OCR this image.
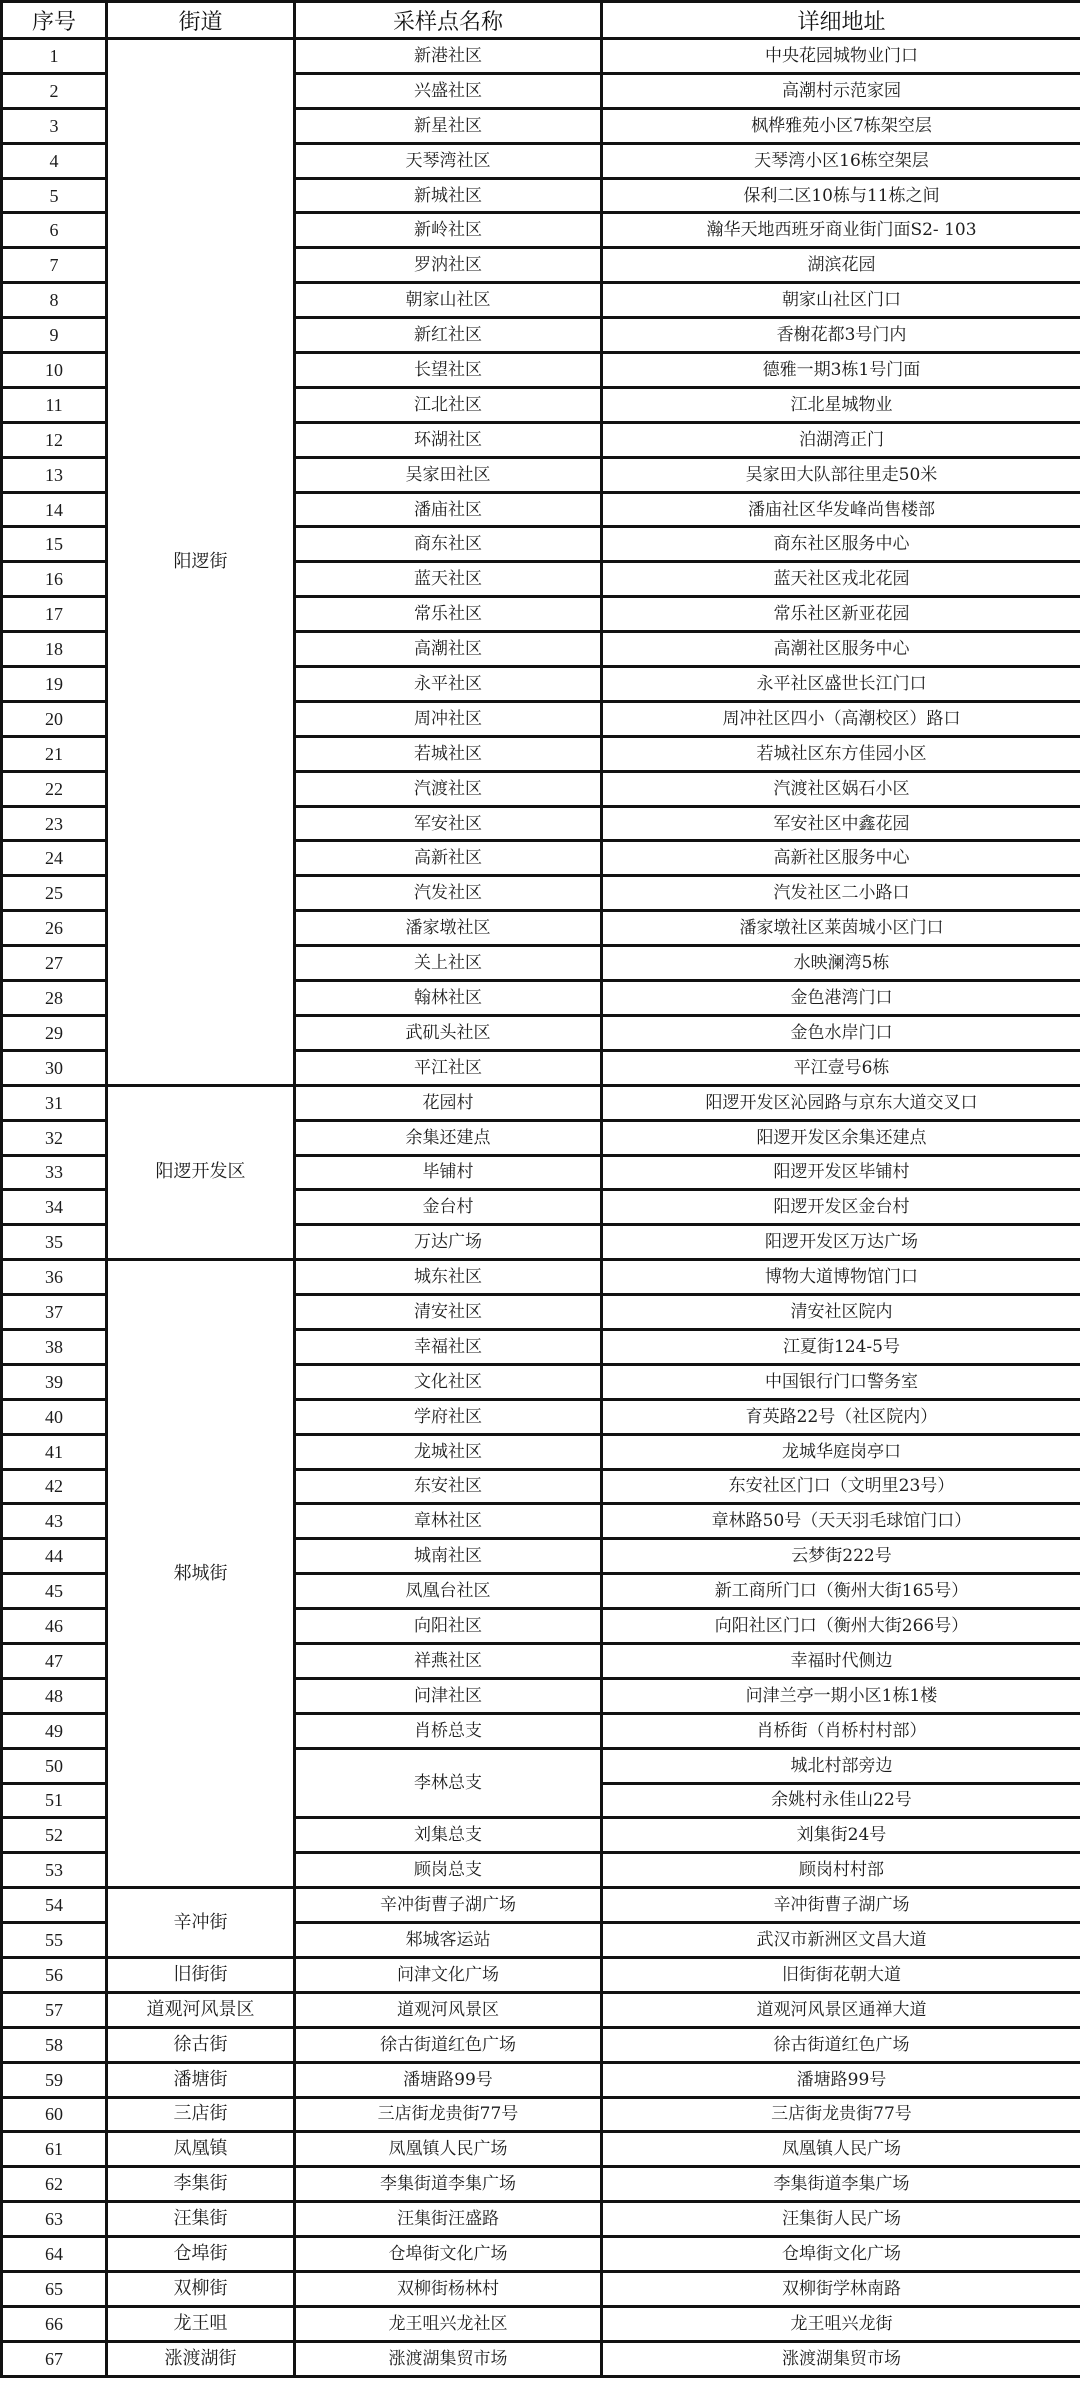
序号	街道	采样点名称	详细地址
1	阳逻街	新港社区	中央花园城物业门口
2		兴盛社区	高潮村示范家园
3		新星社区	枫桦雅苑小区7栋架空层
4		天琴湾社区	天琴湾小区16栋空架层
5		新城社区	保利二区10栋与11栋之间
6		新岭社区	瀚华天地西班牙商业街门面S2- 103
7		罗汭社区	湖滨花园
8		朝家山社区	朝家山社区门口
9		新红社区	香榭花都3号门内
10		长望社区	德雅一期3栋1号门面
11		江北社区	江北星城物业
12		环湖社区	泊湖湾正门
13		吴家田社区	吴家田大队部往里走50米
14		潘庙社区	潘庙社区华发峰尚售楼部
15		商东社区	商东社区服务中心
16		蓝天社区	蓝天社区戎北花园
17		常乐社区	常乐社区新亚花园
18		高潮社区	高潮社区服务中心
19		永平社区	永平社区盛世长江门口
20		周冲社区	周冲社区四小（高潮校区）路口
21		若城社区	若城社区东方佳园小区
22		汽渡社区	汽渡社区娲石小区
23		军安社区	军安社区中鑫花园
24		高新社区	高新社区服务中心
25		汽发社区	汽发社区二小路口
26		潘家墩社区	潘家墩社区莱茵城小区门口
27		关上社区	水映澜湾5栋
28		翰林社区	金色港湾门口
29		武矶头社区	金色水岸门口
30		平江社区	平江壹号6栋
31	阳逻开发区	花园村	阳逻开发区沁园路与京东大道交叉口
32		余集还建点	阳逻开发区余集还建点
33		毕铺村	阳逻开发区毕铺村
34		金台村	阳逻开发区金台村
35		万达广场	阳逻开发区万达广场
36	邾城街	城东社区	博物大道博物馆门口
37		清安社区	清安社区院内
38		幸福社区	江夏街124-5号
39		文化社区	中国银行门口警务室
40		学府社区	育英路22号（社区院内）
41		龙城社区	龙城华庭岗亭口
42		东安社区	东安社区门口（文明里23号）
43		章林社区	章林路50号（天天羽毛球馆门口）
44		城南社区	云梦街222号
45		凤凰台社区	新工商所门口（衡州大街165号）
46		向阳社区	向阳社区门口（衡州大街266号）
47		祥燕社区	幸福时代侧边
48		问津社区	问津兰亭一期小区1栋1楼
49		肖桥总支	肖桥街（肖桥村村部）
50		李林总支	城北村部旁边
51			余姚村永佳山22号
52		刘集总支	刘集街24号
53		顾岗总支	顾岗村村部
54	辛冲街	辛冲街曹子湖广场	辛冲街曹子湖广场
55		邾城客运站	武汉市新洲区文昌大道
56	旧街街	问津文化广场	旧街街花朝大道
57	道观河风景区	道观河风景区	道观河风景区通禅大道
58	徐古街	徐古街道红色广场	徐古街道红色广场
59	潘塘街	潘塘路99号	潘塘路99号
60	三店街	三店街龙贵街77号	三店街龙贵街77号
61	凤凰镇	凤凰镇人民广场	凤凰镇人民广场
62	李集街	李集街道李集广场	李集街道李集广场
63	汪集街	汪集街汪盛路	汪集街人民广场
64	仓埠街	仓埠街文化广场	仓埠街文化广场
65	双柳街	双柳街杨林村	双柳街学林南路
66	龙王咀	龙王咀兴龙社区	龙王咀兴龙街
67	涨渡湖街	涨渡湖集贸市场	涨渡湖集贸市场
